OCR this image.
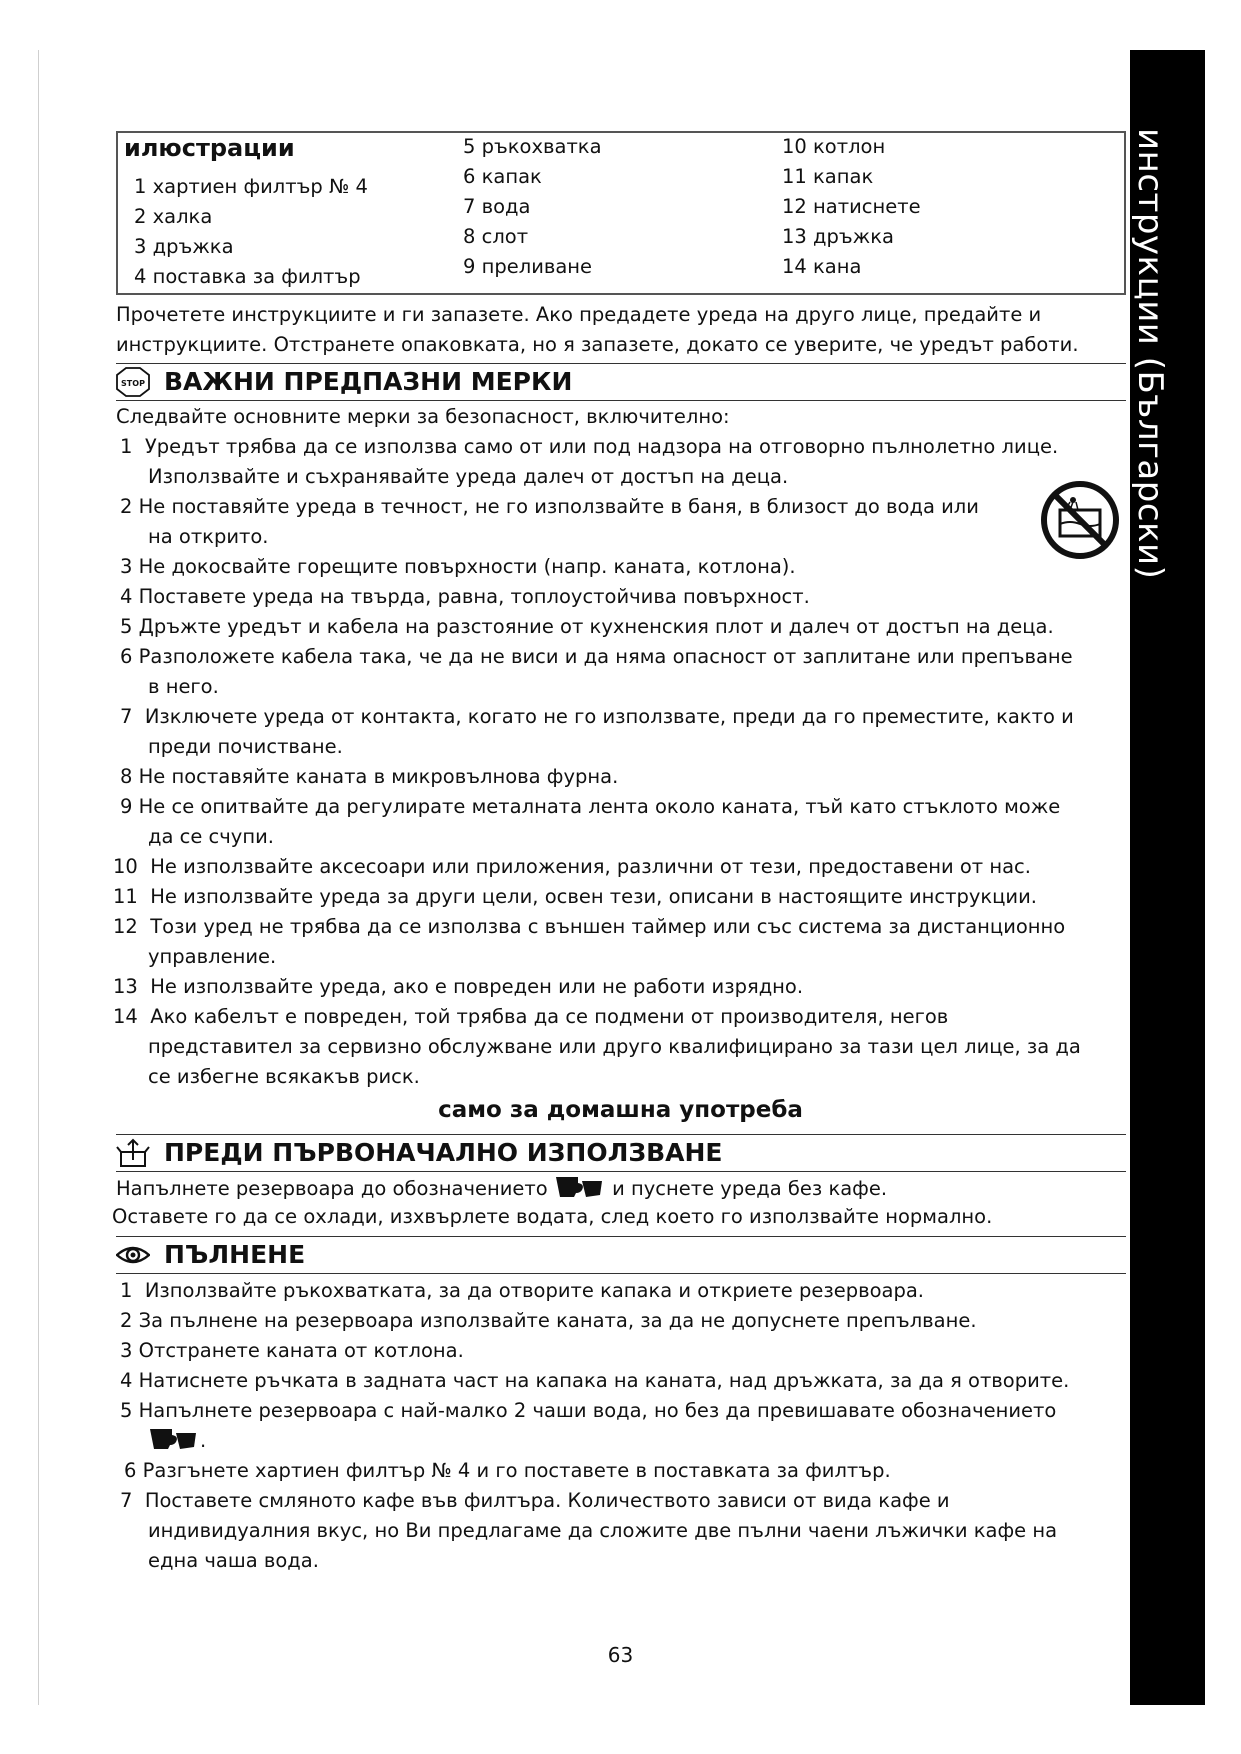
инструкции (Български)
илюстрации
1 хартиен филтър № 4
2 халка
3 дръжка
4 поставка за филтър
5 ръкохватка
6 капак
7 вода
8 слот
9 преливане
10 котлон
11 капак
12 натиснете
13 дръжка
14 кана
Прочетете инструкциите и ги запазете. Ако предадете уреда на друго лице, предайте и инструкциите. Отстранете опаковката, но я запазете, докато се уверите, че уредът работи.
STOP ВАЖНИ ПРЕДПАЗНИ МЕРКИ
Следвайте основните мерки за безопасност, включително:
1 Уредът трябва да се използва само от или под надзора на отговорно пълнолетно лице.
Използвайте и съхранявайте уреда далеч от достъп на деца.
2 Не поставяйте уреда в течност, не го използвайте в баня, в близост до вода или
на открито.
3 Не докосвайте горещите повърхности (напр. каната, котлона).
4 Поставете уреда на твърда, равна, топлоустойчива повърхност.
5 Дръжте уредът и кабела на разстояние от кухненския плот и далеч от достъп на деца.
6 Разположете кабела така, че да не виси и да няма опасност от заплитане или препъване
в него.
7 Изключете уреда от контакта, когато не го използвате, преди да го преместите, както и
преди почистване.
8 Не поставяйте каната в микровълнова фурна.
9 Не се опитвайте да регулирате металната лента около каната, тъй като стъклото може
да се счупи.
10 Не използвайте аксесоари или приложения, различни от тези, предоставени от нас.
11 Не използвайте уреда за други цели, освен тези, описани в настоящите инструкции.
12 Този уред не трябва да се използва с външен таймер или със система за дистанционно
управление.
13 Не използвайте уреда, ако е повреден или не работи изрядно.
14 Ако кабелът е повреден, той трябва да се подмени от производителя, негов
представител за сервизно обслужване или друго квалифицирано за тази цел лице, за да
се избегне всякакъв риск.
само за домашна употреба
ПРЕДИ ПЪРВОНАЧАЛНО ИЗПОЛЗВАНЕ
Напълнете резервоара до обозначението	и пуснете уреда без кафе.
Оставете го да се охлади, изхвърлете водата, след което го използвайте нормално.
ПЪЛНЕНЕ
1 Използвайте ръкохватката, за да отворите капака и откриете резервоара.
2 За пълнене на резервоара използвайте каната, за да не допуснете препълване.
3 Отстранете каната от котлона.
4 Натиснете ръчката в задната част на капака на каната, над дръжката, за да я отворите.
5 Напълнете резервоара с най-малко 2 чаши вода, но без да превишавате обозначението
.
6 Разгънете хартиен филтър № 4 и го поставете в поставката за филтър.
7 Поставете смляното кафе във филтъра. Количеството зависи от вида кафе и
индивидуалния вкус, но Ви предлагаме да сложите две пълни чаени лъжички кафе на
една чаша вода.
63
